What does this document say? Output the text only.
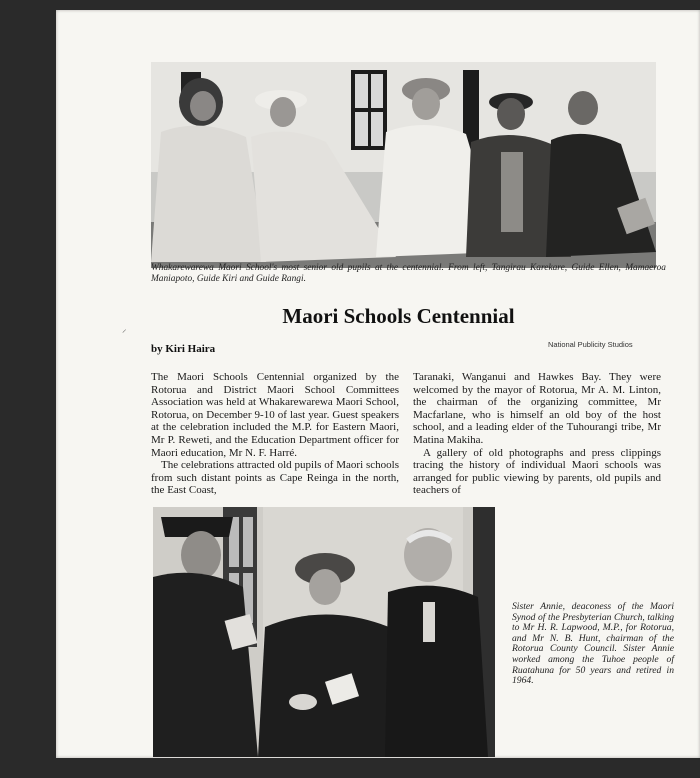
Whakarewarewa Maori School's most senior old pupils at the centennial. From left, Tangirau Karekare, Guide Ellen, Mamaeroa Maniapoto, Guide Kiri and Guide Rangi.
Maori Schools Centennial
by Kiri Haira	National Publicity Studios

The Maori Schools Centennial organized by the Rotorua and District Maori School Committees Association was held at Whakarewarewa Maori School, Rotorua, on December 9-10 of last year. Guest speakers at the celebration included the M.P. for Eastern Maori, Mr P. Reweti, and the Education Department officer for Maori education, Mr N. F. Harré.

The celebrations attracted old pupils of Maori schools from such distant points as Cape Reinga in the north, the East Coast,

Taranaki, Wanganui and Hawkes Bay. They were welcomed by the mayor of Rotorua, Mr A. M. Linton, the chairman of the organizing committee, Mr Macfarlane, who is himself an old boy of the host school, and a leading elder of the Tuhourangi tribe, Mr Matina Makiha.

A gallery of old photographs and press clippings tracing the history of individual Maori schools was arranged for public viewing by parents, old pupils and teachers of

Sister Annie, deaconess of the Maori Synod of the Presbyterian Church, talking to Mr H. R. Lapwood, M.P., for Rotorua, and Mr N. B. Hunt, chairman of the Rotorua County Council. Sister Annie worked among the Tuhoe people of Ruatahuna for 50 years and retired in 1964.
⸝
